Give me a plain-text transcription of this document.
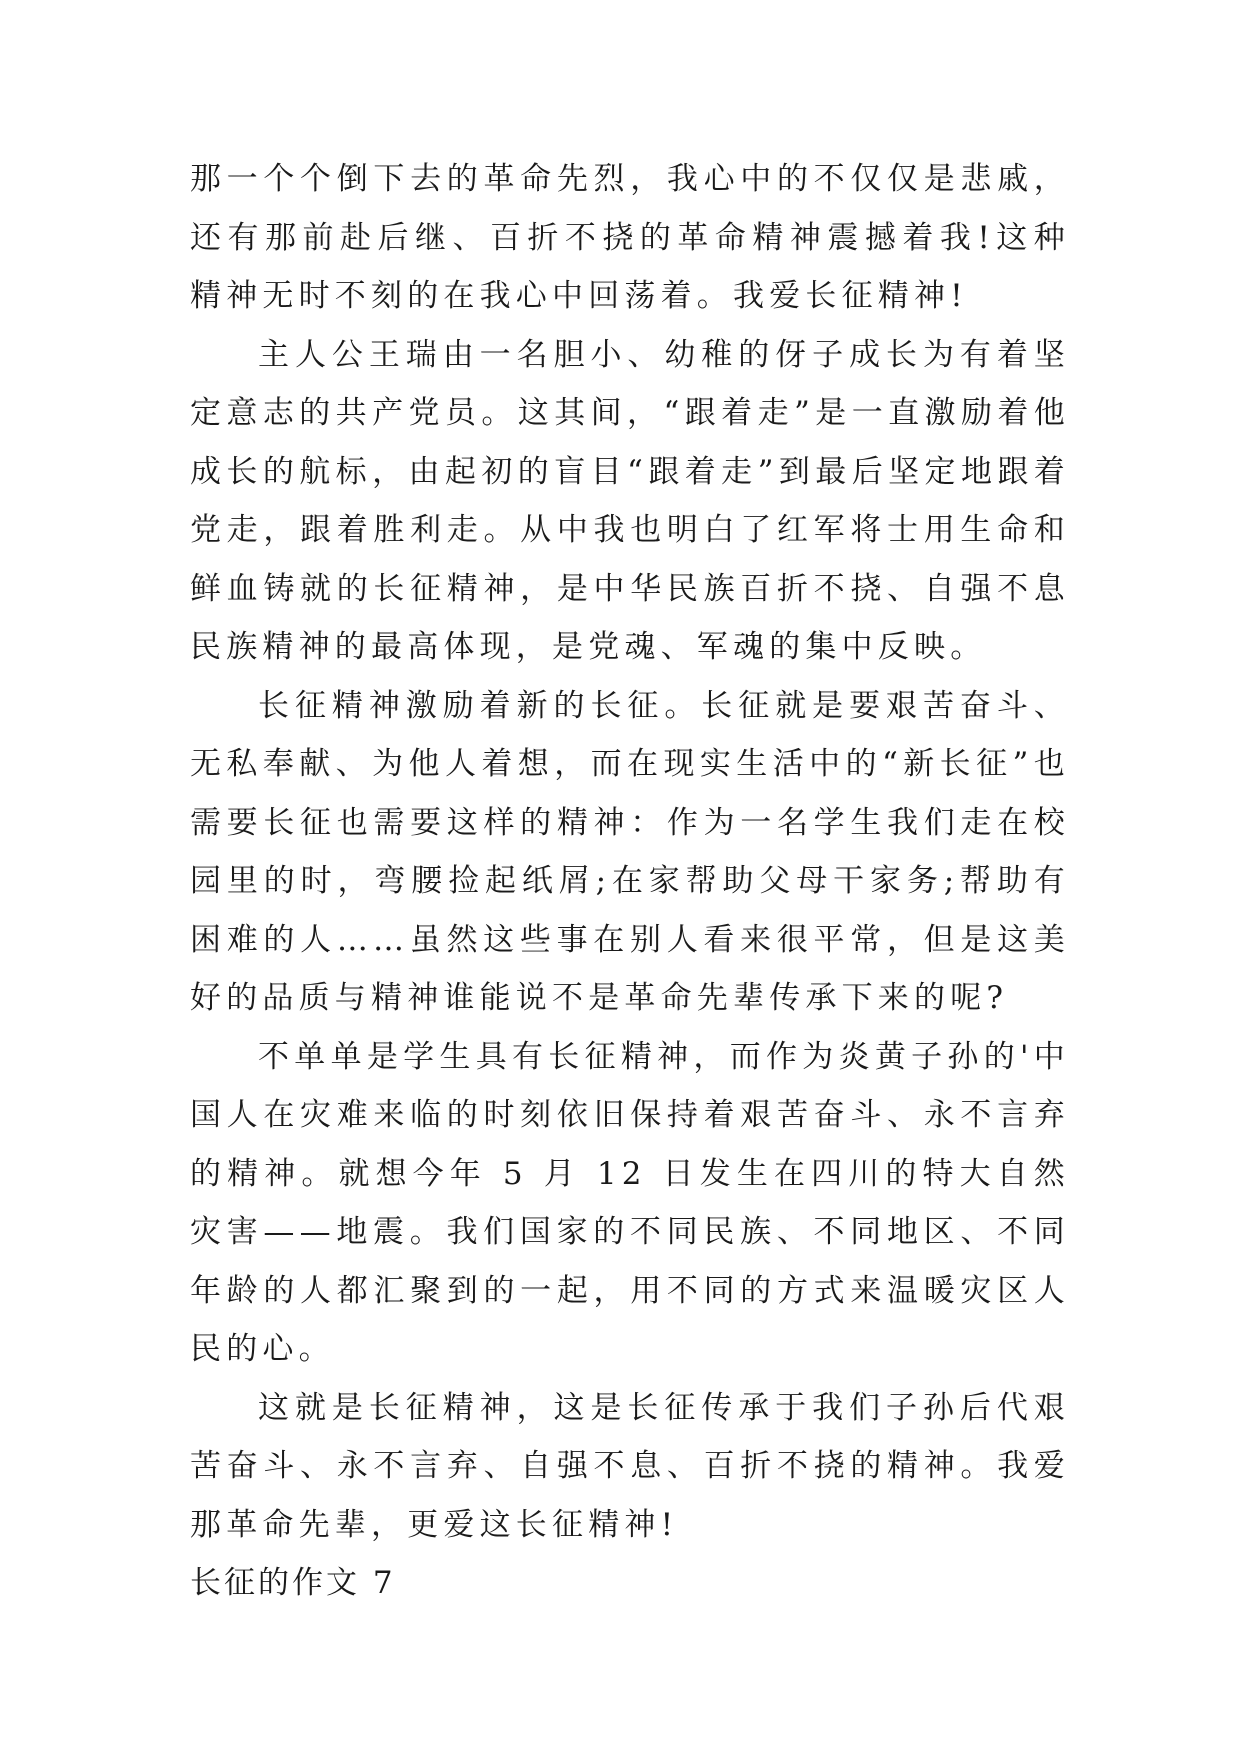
那一个个倒下去的革命先烈，我心中的不仅仅是悲戚，还有那前赴后继、百折不挠的革命精神震撼着我!这种精神无时不刻的在我心中回荡着。我爱长征精神!

主人公王瑞由一名胆小、幼稚的伢子成长为有着坚定意志的共产党员。这其间，“跟着走”是一直激励着他成长的航标，由起初的盲目“跟着走”到最后坚定地跟着党走，跟着胜利走。从中我也明白了红军将士用生命和鲜血铸就的长征精神，是中华民族百折不挠、自强不息民族精神的最高体现，是党魂、军魂的集中反映。

长征精神激励着新的长征。长征就是要艰苦奋斗、无私奉献、为他人着想，而在现实生活中的“新长征”也需要长征也需要这样的精神：作为一名学生我们走在校园里的时，弯腰捡起纸屑;在家帮助父母干家务;帮助有困难的人……虽然这些事在别人看来很平常，但是这美好的品质与精神谁能说不是革命先辈传承下来的呢?

不单单是学生具有长征精神，而作为炎黄子孙的'中国人在灾难来临的时刻依旧保持着艰苦奋斗、永不言弃的精神。就想今年 5 月 12 日发生在四川的特大自然灾害——地震。我们国家的不同民族、不同地区、不同年龄的人都汇聚到的一起，用不同的方式来温暖灾区人民的心。

这就是长征精神，这是长征传承于我们子孙后代艰苦奋斗、永不言弃、自强不息、百折不挠的精神。我爱那革命先辈，更爱这长征精神!

长征的作文 7
